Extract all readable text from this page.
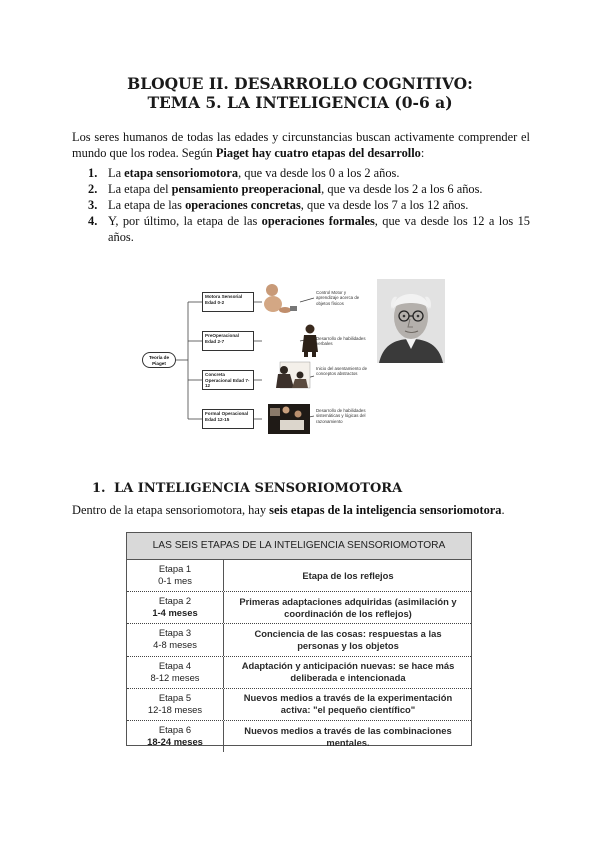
BLOQUE II. DESARROLLO COGNITIVO:
TEMA 5. LA INTELIGENCIA (0-6 a)
Los seres humanos de todas las edades y circunstancias buscan activamente comprender el mundo que los rodea. Según Piaget hay cuatro etapas del desarrollo:
1. La etapa sensoriomotora, que va desde los 0 a los 2 años.
2. La etapa del pensamiento preoperacional, que va desde los 2 a los 6 años.
3. La etapa de las operaciones concretas, que va desde los 7 a los 12 años.
4. Y, por último, la etapa de las operaciones formales, que va desde los 12 a los 15 años.
Teoría de Piaget
Motora Sensorial Edad 0-2
PreOperacional Edad 2-7
Concreta Operacional Edad 7-12
Formal Operacional Edad 12-15
Control Motor y aprendizaje acerca de objetos físicos
Desarrollo de habilidades verbales
Inicio del asentamiento de conceptos abstractos
Desarrollo de habilidades sistemáticas y lógicas del razonamiento
1. LA INTELIGENCIA SENSORIOMOTORA
Dentro de la etapa sensoriomotora, hay seis etapas de la inteligencia sensoriomotora.
LAS SEIS ETAPAS DE LA INTELIGENCIA SENSORIOMOTORA
Etapa 1
0-1 mes	Etapa de los reflejos
Etapa 2
1-4 meses
Primeras adaptaciones adquiridas (asimilación y coordinación de los reflejos)
Etapa 3
4-8 meses
Conciencia de las cosas: respuestas a las personas y los objetos
Etapa 4
8-12 meses
Adaptación y anticipación nuevas: se hace más deliberada e intencionada
Etapa 5
12-18 meses
Nuevos medios a través de la experimentación activa: "el pequeño científico"
Etapa 6
18-24 meses
Nuevos medios a través de las combinaciones mentales.
